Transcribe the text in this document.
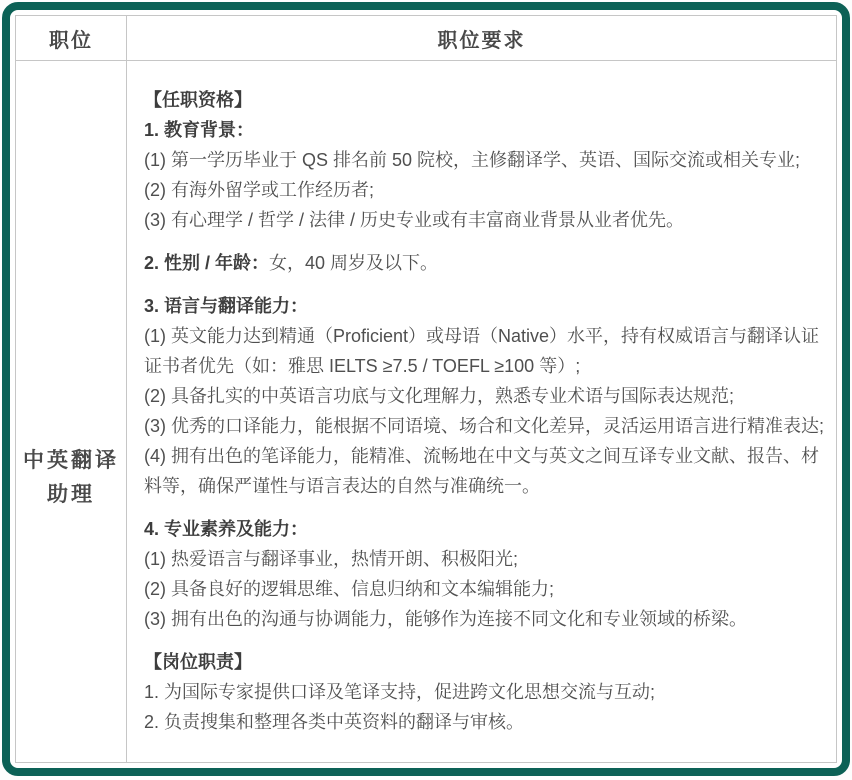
职位	职位要求
中英翻译助理
【任职资格】
1. 教育背景：
(1) 第一学历毕业于 QS 排名前 50 院校，主修翻译学、英语、国际交流或相关专业;
(2) 有海外留学或工作经历者;
(3) 有心理学 / 哲学 / 法律 / 历史专业或有丰富商业背景从业者优先。
2. 性别 / 年龄：女，40 周岁及以下。
3. 语言与翻译能力：
(1) 英文能力达到精通（Proficient）或母语（Native）水平，持有权威语言与翻译认证证书者优先（如：雅思 IELTS ≥7.5 / TOEFL ≥100 等）;
(2) 具备扎实的中英语言功底与文化理解力，熟悉专业术语与国际表达规范;
(3) 优秀的口译能力，能根据不同语境、场合和文化差异，灵活运用语言进行精准表达;
(4) 拥有出色的笔译能力，能精准、流畅地在中文与英文之间互译专业文献、报告、材料等，确保严谨性与语言表达的自然与准确统一。
4. 专业素养及能力：
(1) 热爱语言与翻译事业，热情开朗、积极阳光;
(2) 具备良好的逻辑思维、信息归纳和文本编辑能力;
(3) 拥有出色的沟通与协调能力，能够作为连接不同文化和专业领域的桥梁。
【岗位职责】
1. 为国际专家提供口译及笔译支持，促进跨文化思想交流与互动;
2. 负责搜集和整理各类中英资料的翻译与审核。
